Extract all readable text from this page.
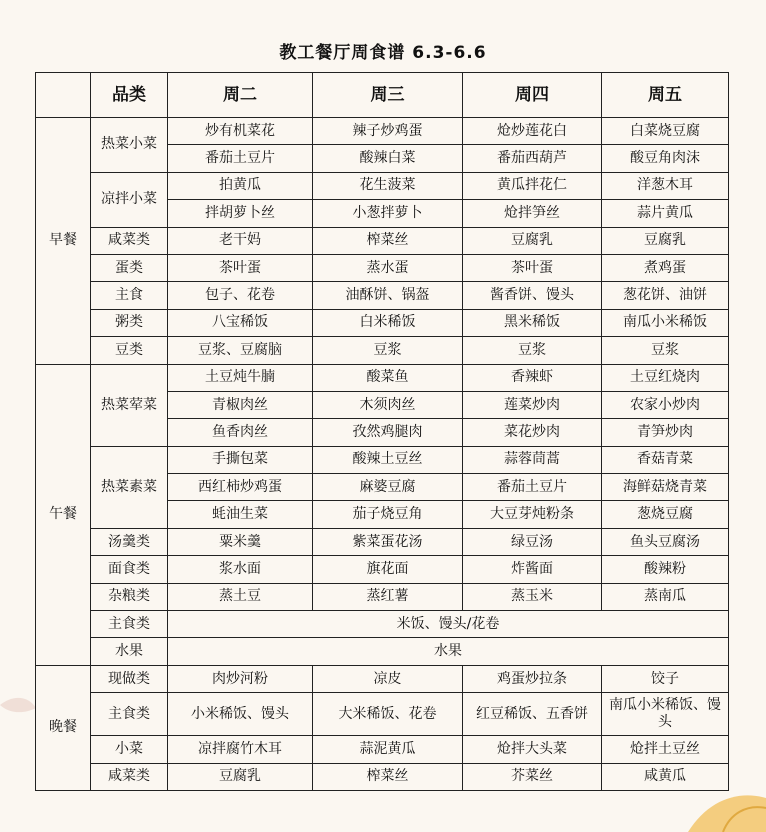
教工餐厅周食谱 6.3-6.6
	品类	周二	周三	周四	周五
早餐	热菜小菜	炒有机菜花	辣子炒鸡蛋	炝炒莲花白	白菜烧豆腐
		番茄土豆片	酸辣白菜	番茄西葫芦	酸豆角肉沫
	凉拌小菜	拍黄瓜	花生菠菜	黄瓜拌花仁	洋葱木耳
		拌胡萝卜丝	小葱拌萝卜	炝拌笋丝	蒜片黄瓜
	咸菜类	老干妈	榨菜丝	豆腐乳	豆腐乳
	蛋类	茶叶蛋	蒸水蛋	茶叶蛋	煮鸡蛋
	主食	包子、花卷	油酥饼、锅盔	酱香饼、馒头	葱花饼、油饼
	粥类	八宝稀饭	白米稀饭	黑米稀饭	南瓜小米稀饭
	豆类	豆浆、豆腐脑	豆浆	豆浆	豆浆
午餐	热菜荤菜	土豆炖牛腩	酸菜鱼	香辣虾	土豆红烧肉
		青椒肉丝	木须肉丝	莲菜炒肉	农家小炒肉
		鱼香肉丝	孜然鸡腿肉	菜花炒肉	青笋炒肉
	热菜素菜	手撕包菜	酸辣土豆丝	蒜蓉茼蒿	香菇青菜
		西红柿炒鸡蛋	麻婆豆腐	番茄土豆片	海鲜菇烧青菜
		蚝油生菜	茄子烧豆角	大豆芽炖粉条	葱烧豆腐
	汤羹类	粟米羹	紫菜蛋花汤	绿豆汤	鱼头豆腐汤
	面食类	浆水面	旗花面	炸酱面	酸辣粉
	杂粮类	蒸土豆	蒸红薯	蒸玉米	蒸南瓜
	主食类	米饭、馒头/花卷			
	水果	水果			
晚餐	现做类	肉炒河粉	凉皮	鸡蛋炒拉条	饺子
	主食类	小米稀饭、馒头	大米稀饭、花卷	红豆稀饭、五香饼	南瓜小米稀饭、馒头
	小菜	凉拌腐竹木耳	蒜泥黄瓜	炝拌大头菜	炝拌土豆丝
	咸菜类	豆腐乳	榨菜丝	芥菜丝	咸黄瓜
